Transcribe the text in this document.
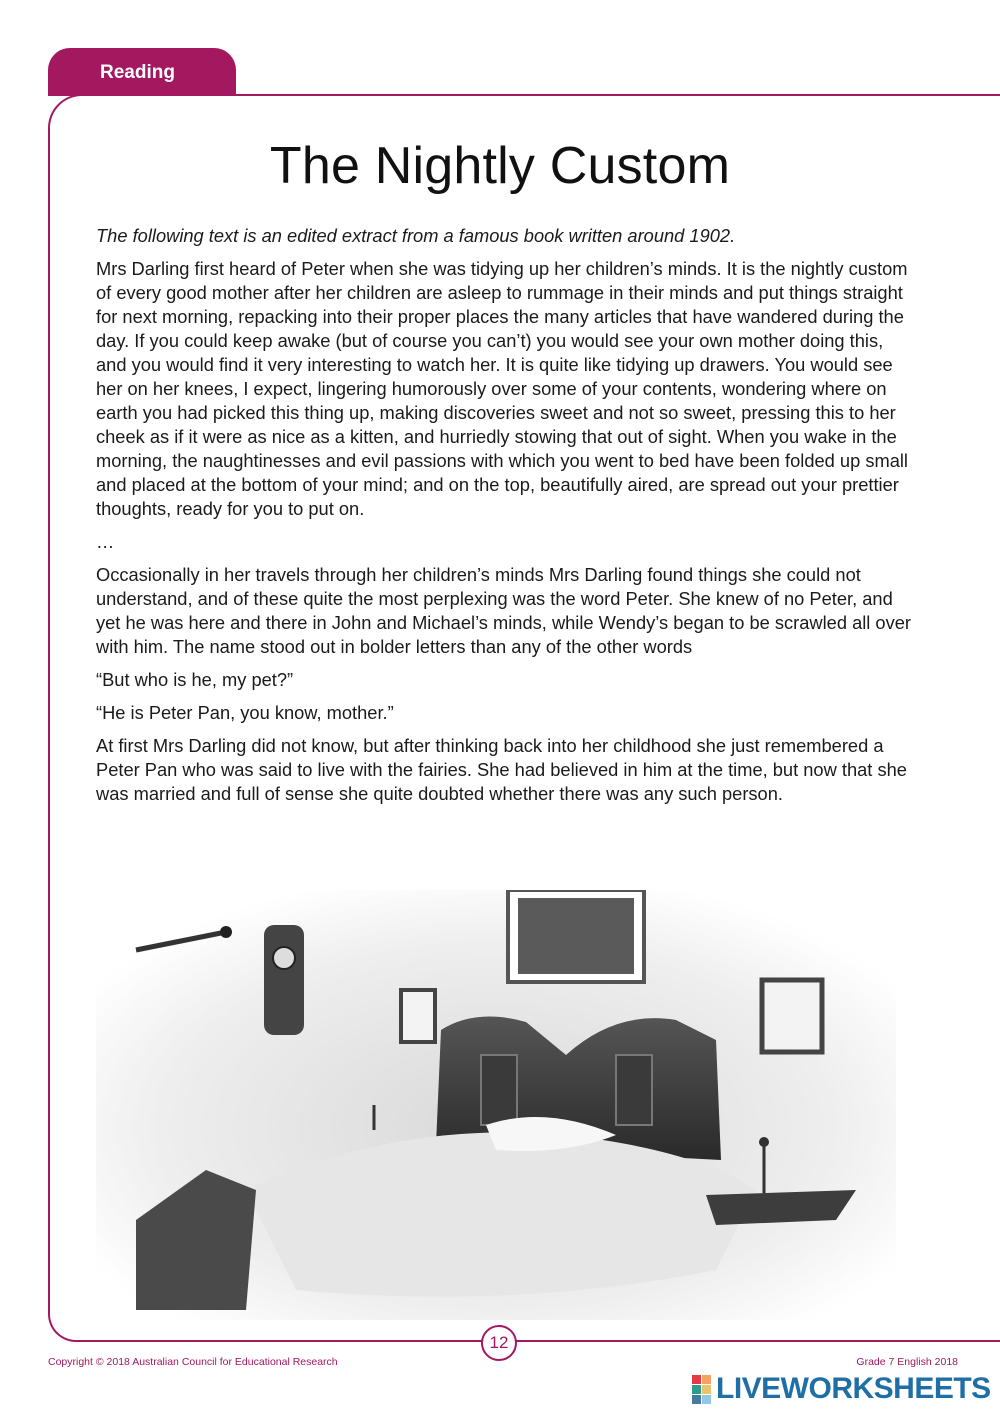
Reading
The Nightly Custom

The following text is an edited extract from a famous book written around 1902.

Mrs Darling first heard of Peter when she was tidying up her children’s minds. It is the nightly custom of every good mother after her children are asleep to rummage in their minds and put things straight for next morning, repacking into their proper places the many articles that have wandered during the day. If you could keep awake (but of course you can’t) you would see your own mother doing this, and you would find it very interesting to watch her. It is quite like tidying up drawers. You would see her on her knees, I expect, lingering humorously over some of your contents, wondering where on earth you had picked this thing up, making discoveries sweet and not so sweet, pressing this to her cheek as if it were as nice as a kitten, and hurriedly stowing that out of sight. When you wake in the morning, the naughtinesses and evil passions with which you went to bed have been folded up small and placed at the bottom of your mind; and on the top, beautifully aired, are spread out your prettier thoughts, ready for you to put on.

…

Occasionally in her travels through her children’s minds Mrs Darling found things she could not understand, and of these quite the most perplexing was the word Peter. She knew of no Peter, and yet he was here and there in John and Michael’s minds, while Wendy’s began to be scrawled all over with him. The name stood out in bolder letters than any of the other words

“But who is he, my pet?”

“He is Peter Pan, you know, mother.”

At first Mrs Darling did not know, but after thinking back into her childhood she just remembered a Peter Pan who was said to live with the fairies. She had believed in him at the time, but now that she was married and full of sense she quite doubted whether there was any such person.

12
Copyright © 2018 Australian Council for Educational Research	Grade 7 English 2018
LIVEWORKSHEETS
